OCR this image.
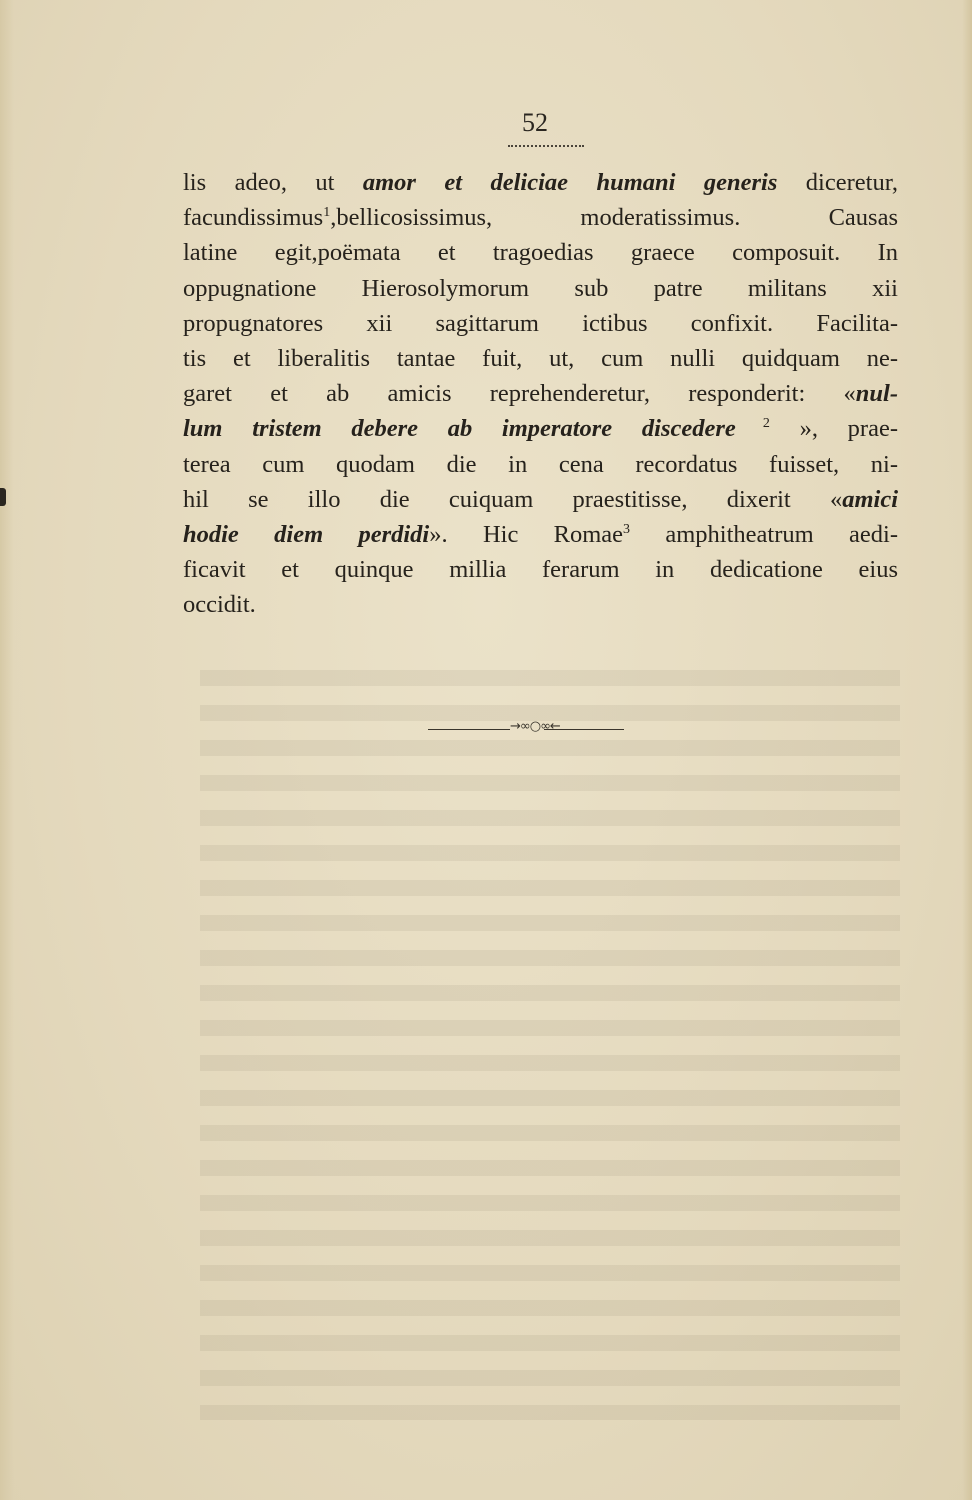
52
lis adeo, ut amor et deliciae humani generis diceretur,
facundissimus$^1$,bellicosissimus, moderatissimus. Causas
latine egit,poëmata et tragoedias graece composuit. In
oppugnatione Hierosolymorum sub patre militans xii
propugnatores xii sagittarum ictibus confixit. Facilita-
tis et liberalitis tantae fuit, ut, cum nulli quidquam ne-
garet et ab amicis reprehenderetur, responderit: «nul-
lum tristem debere ab imperatore discedere $^2$ », prae-
terea cum quodam die in cena recordatus fuisset, ni-
hil se illo die cuiquam praestitisse, dixerit «amici
hodie diem perdidi». Hic Romae$^3$ amphitheatrum aedi-
ficavit et quinque millia ferarum in dedicatione eius
occidit.
→∞○∞←
